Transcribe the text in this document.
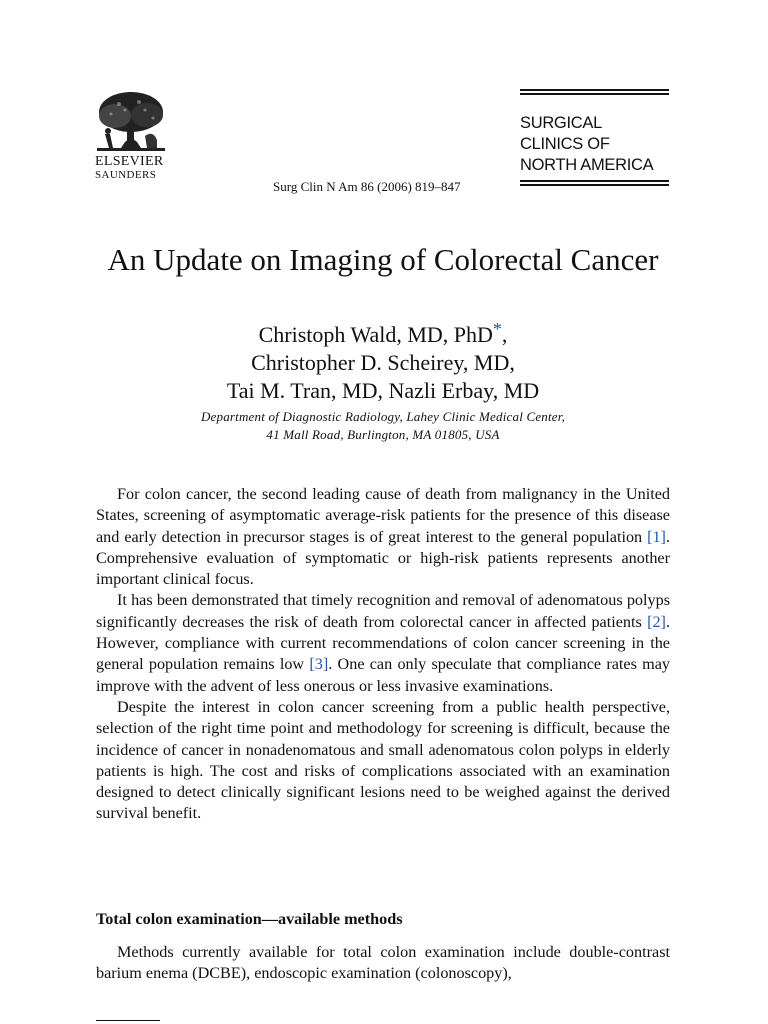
ELSEVIER
SAUNDERS
Surg Clin N Am 86 (2006) 819–847
SURGICAL
CLINICS OF
NORTH AMERICA
An Update on Imaging of Colorectal Cancer
Christoph Wald, MD, PhD*,
Christopher D. Scheirey, MD,
Tai M. Tran, MD, Nazli Erbay, MD
Department of Diagnostic Radiology, Lahey Clinic Medical Center,
41 Mall Road, Burlington, MA 01805, USA

For colon cancer, the second leading cause of death from malignancy in the United States, screening of asymptomatic average-risk patients for the presence of this disease and early detection in precursor stages is of great interest to the general population [1]. Comprehensive evaluation of symptomatic or high-risk patients represents another important clinical focus.

It has been demonstrated that timely recognition and removal of adenomatous polyps significantly decreases the risk of death from colorectal cancer in affected patients [2]. However, compliance with current recommendations of colon cancer screening in the general population remains low [3]. One can only speculate that compliance rates may improve with the advent of less onerous or less invasive examinations.

Despite the interest in colon cancer screening from a public health perspective, selection of the right time point and methodology for screening is difficult, because the incidence of cancer in nonadenomatous and small adenomatous colon polyps in elderly patients is high. The cost and risks of complications associated with an examination designed to detect clinically significant lesions need to be weighed against the derived survival benefit.

Total colon examination—available methods

Methods currently available for total colon examination include double-contrast barium enema (DCBE), endoscopic examination (colonoscopy),
